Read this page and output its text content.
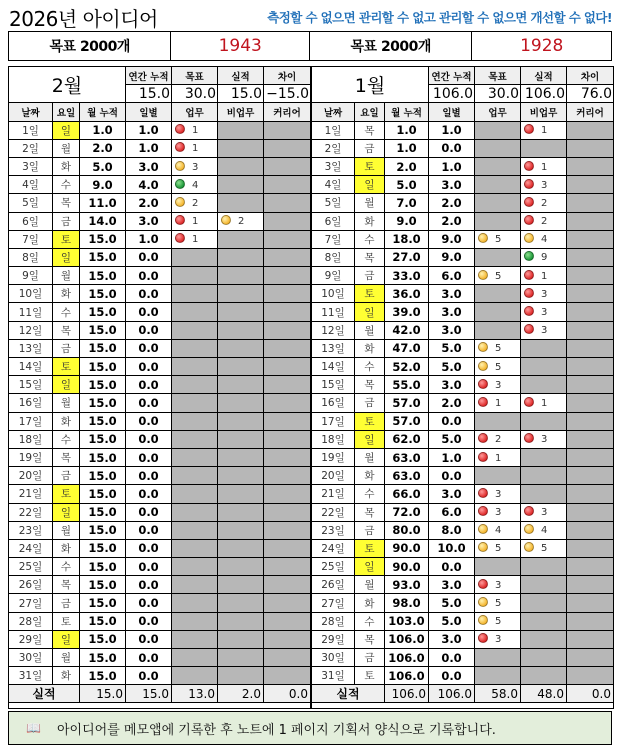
2026년 아이디어	측정할 수 없으면 관리할 수 없고 관리할 수 없으면 개선할 수 없다!
목표 2000개	1943	목표 2000개	1928
2월			연간 누적	목표	실적	차이
			15.0	30.0	15.0	−15.0
날짜	요일	월 누적	일별	업무	비업무	커리어
1일	일	1.0	1.0	1		
2일	월	2.0	1.0	1		
3일	화	5.0	3.0	3		
4일	수	9.0	4.0	4		
5일	목	11.0	2.0	2		
6일	금	14.0	3.0	1	2	
7일	토	15.0	1.0	1		
8일	일	15.0	0.0			
9일	월	15.0	0.0			
10일	화	15.0	0.0			
11일	수	15.0	0.0			
12일	목	15.0	0.0			
13일	금	15.0	0.0			
14일	토	15.0	0.0			
15일	일	15.0	0.0			
16일	월	15.0	0.0			
17일	화	15.0	0.0			
18일	수	15.0	0.0			
19일	목	15.0	0.0			
20일	금	15.0	0.0			
21일	토	15.0	0.0			
22일	일	15.0	0.0			
23일	월	15.0	0.0			
24일	화	15.0	0.0			
25일	수	15.0	0.0			
26일	목	15.0	0.0			
27일	금	15.0	0.0			
28일	토	15.0	0.0			
29일	일	15.0	0.0			
30일	월	15.0	0.0			
31일	화	15.0	0.0			
실적		15.0	15.0	13.0	2.0	0.0

1월			연간 누적	목표	실적	차이
			106.0	30.0	106.0	76.0
날짜	요일	월 누적	일별	업무	비업무	커리어
1일	목	1.0	1.0		1	
2일	금	1.0	0.0			
3일	토	2.0	1.0		1	
4일	일	5.0	3.0		3	
5일	월	7.0	2.0		2	
6일	화	9.0	2.0		2	
7일	수	18.0	9.0	5	4	
8일	목	27.0	9.0		9	
9일	금	33.0	6.0	5	1	
10일	토	36.0	3.0		3	
11일	일	39.0	3.0		3	
12일	월	42.0	3.0		3	
13일	화	47.0	5.0	5		
14일	수	52.0	5.0	5		
15일	목	55.0	3.0	3		
16일	금	57.0	2.0	1	1	
17일	토	57.0	0.0			
18일	일	62.0	5.0	2	3	
19일	월	63.0	1.0	1		
20일	화	63.0	0.0			
21일	수	66.0	3.0	3		
22일	목	72.0	6.0	3	3	
23일	금	80.0	8.0	4	4	
24일	토	90.0	10.0	5	5	
25일	일	90.0	0.0			
26일	월	93.0	3.0	3		
27일	화	98.0	5.0	5		
28일	수	103.0	5.0	5		
29일	목	106.0	3.0	3		
30일	금	106.0	0.0			
31일	토	106.0	0.0			
실적		106.0	106.0	58.0	48.0	0.0

📖 아이디어를 메모앱에 기록한 후 노트에 1 페이지 기획서 양식으로 기록합니다.
